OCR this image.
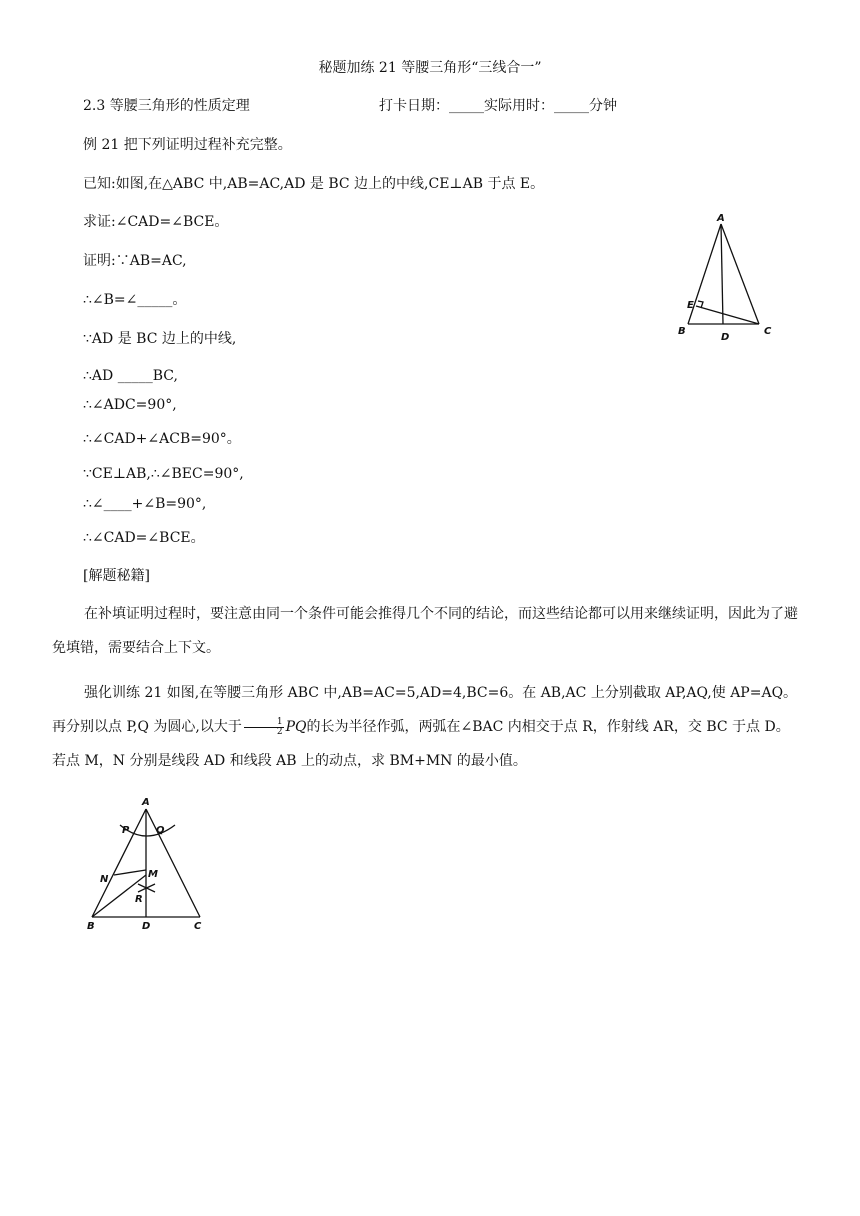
秘题加练 21 等腰三角形“三线合一”
2.3 等腰三角形的性质定理	打卡日期：_____实际用时：_____分钟
例 21 把下列证明过程补充完整。
已知:如图,在△ABC 中,AB=AC,AD 是 BC 边上的中线,CE⊥AB 于点 E。
求证:∠CAD=∠BCE。
证明:∵AB=AC,
∴∠B=∠_____。
∵AD 是 BC 边上的中线,
∴AD _____BC,
∴∠ADC=90°,
∴∠CAD+∠ACB=90°。
∵CE⊥AB,∴∠BEC=90°,
∴∠____+∠B=90°,
∴∠CAD=∠BCE。
A
B	C
D
E
[解题秘籍]
在补填证明过程时，要注意由同一个条件可能会推得几个不同的结论，而这些结论都可以用来继续证明，因此为了避免填错，需要结合上下文。
强化训练 21 如图,在等腰三角形 ABC 中,AB=AC=5,AD=4,BC=6。在 AB,AC 上分别截取 AP,AQ,使 AP=AQ。再分别以点 P,Q 为圆心,以大于 $\frac{1}{2}$ PQ的长为半径作弧，两弧在∠BAC 内相交于点 R，作射线 AR，交 BC 于点 D。若点 M，N 分别是线段 AD 和线段 AB 上的动点，求 BM+MN 的最小值。
A
P	Q
N	M
R
B	D	C
